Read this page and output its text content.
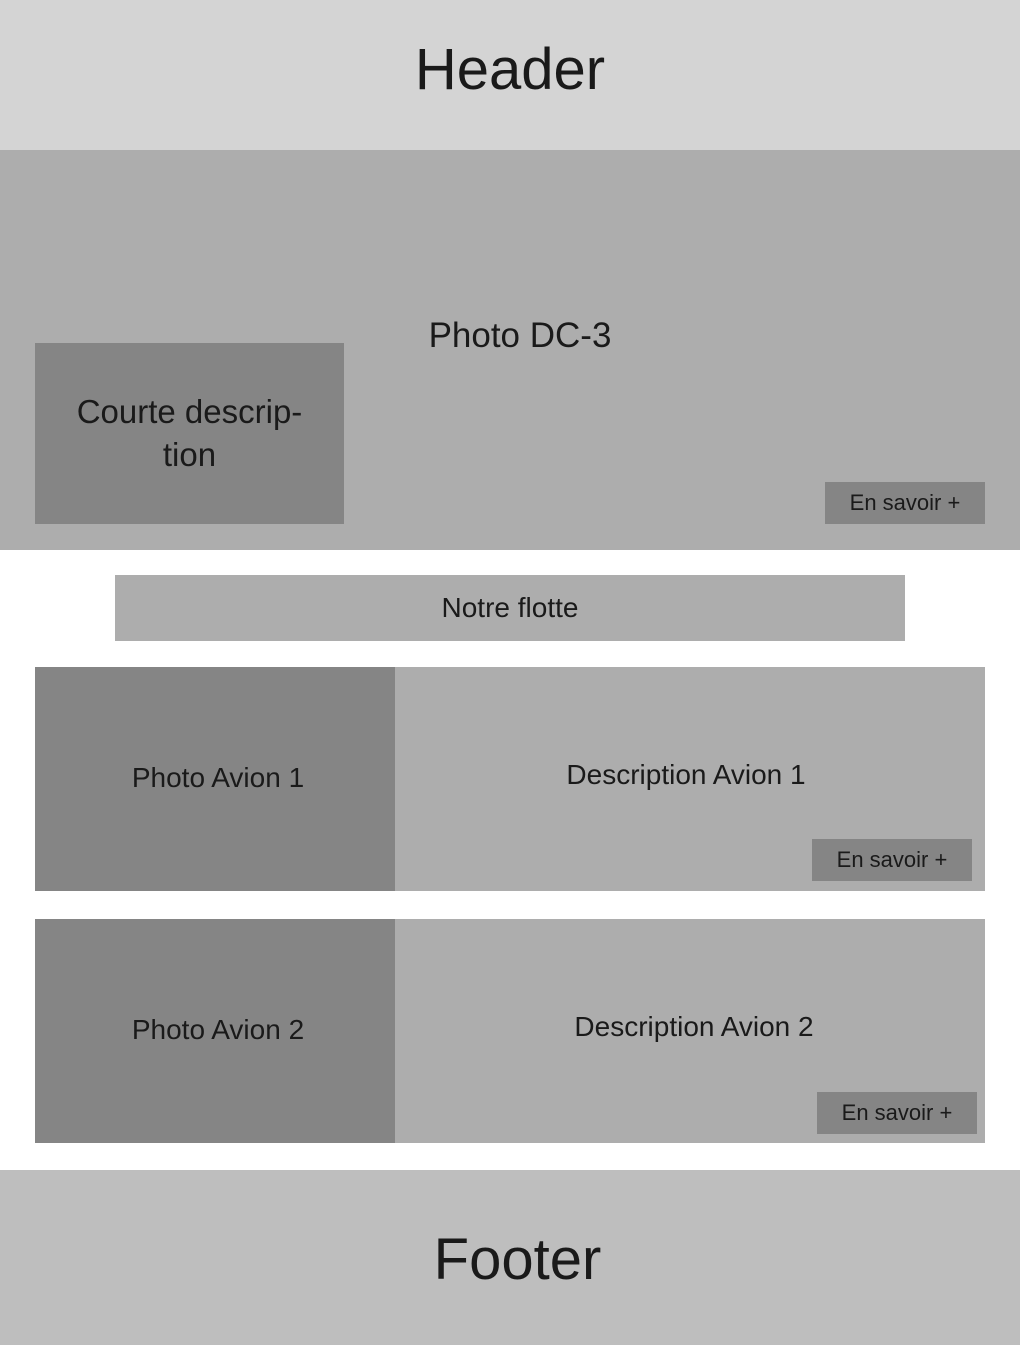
Header
Photo DC-3
Courte descrip-
tion
En savoir +
Notre flotte
Photo Avion 1	Description Avion 1
En savoir +
Photo Avion 2	Description Avion 2
En savoir +
Footer
